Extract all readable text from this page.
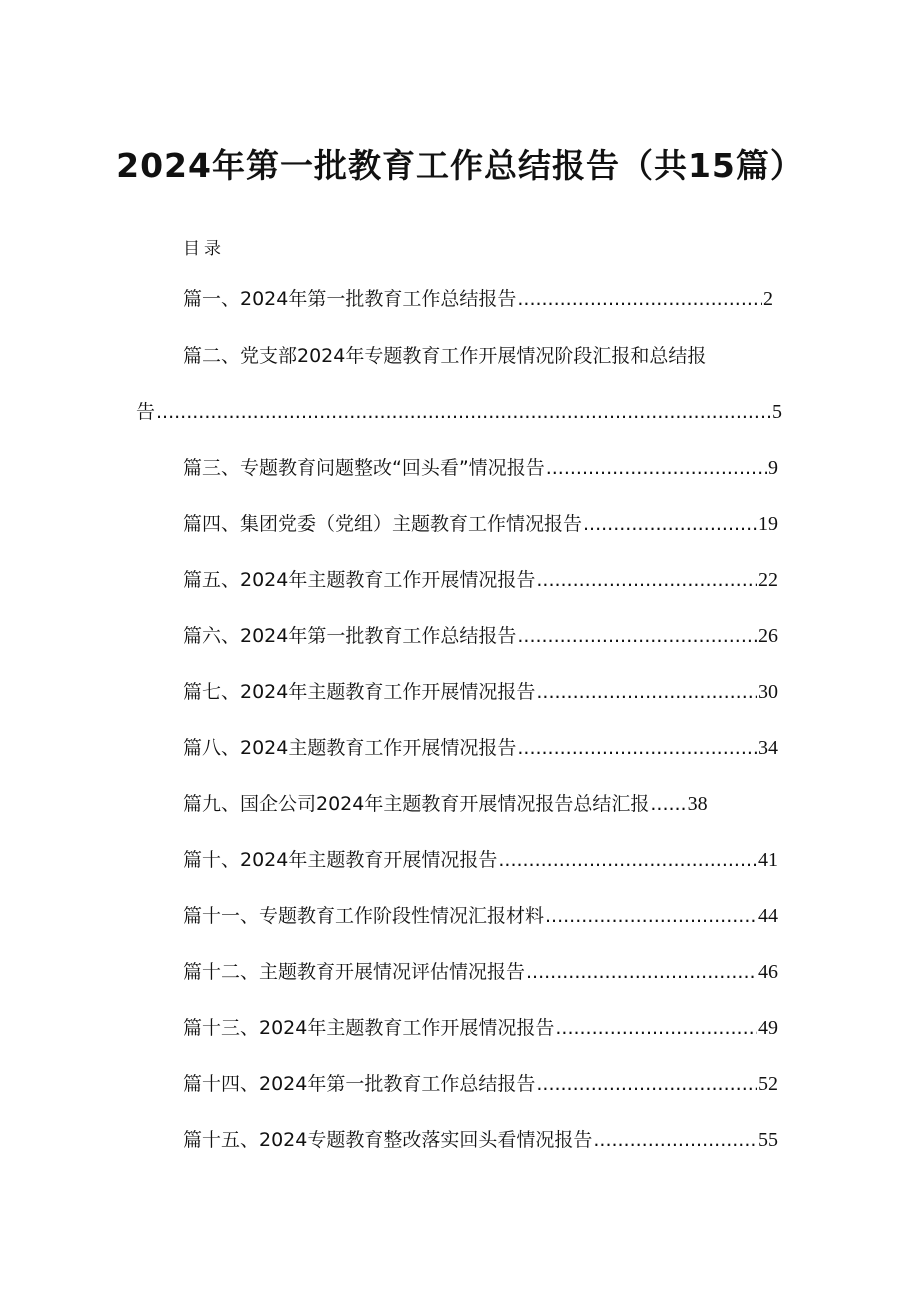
2024年第一批教育工作总结报告（共15篇）
目录
篇一、2024年第一批教育工作总结报告 .....	2
篇二、党支部2024年专题教育工作开展情况阶段汇报和总结报
告 .....	5
篇三、专题教育问题整改“回头看”情况报告 .....	9
篇四、集团党委（党组）主题教育工作情况报告 .....	19
篇五、2024年主题教育工作开展情况报告 .....	22
篇六、2024年第一批教育工作总结报告 .....	26
篇七、2024年主题教育工作开展情况报告 .....	30
篇八、2024主题教育工作开展情况报告 .....	34
篇九、国企公司2024年主题教育开展情况报告总结汇报 ...... 38
篇十、2024年主题教育开展情况报告 .....	41
篇十一、专题教育工作阶段性情况汇报材料 .....	44
篇十二、主题教育开展情况评估情况报告 .....	46
篇十三、2024年主题教育工作开展情况报告 .....	49
篇十四、2024年第一批教育工作总结报告 .....	52
篇十五、2024专题教育整改落实回头看情况报告 .....	55
